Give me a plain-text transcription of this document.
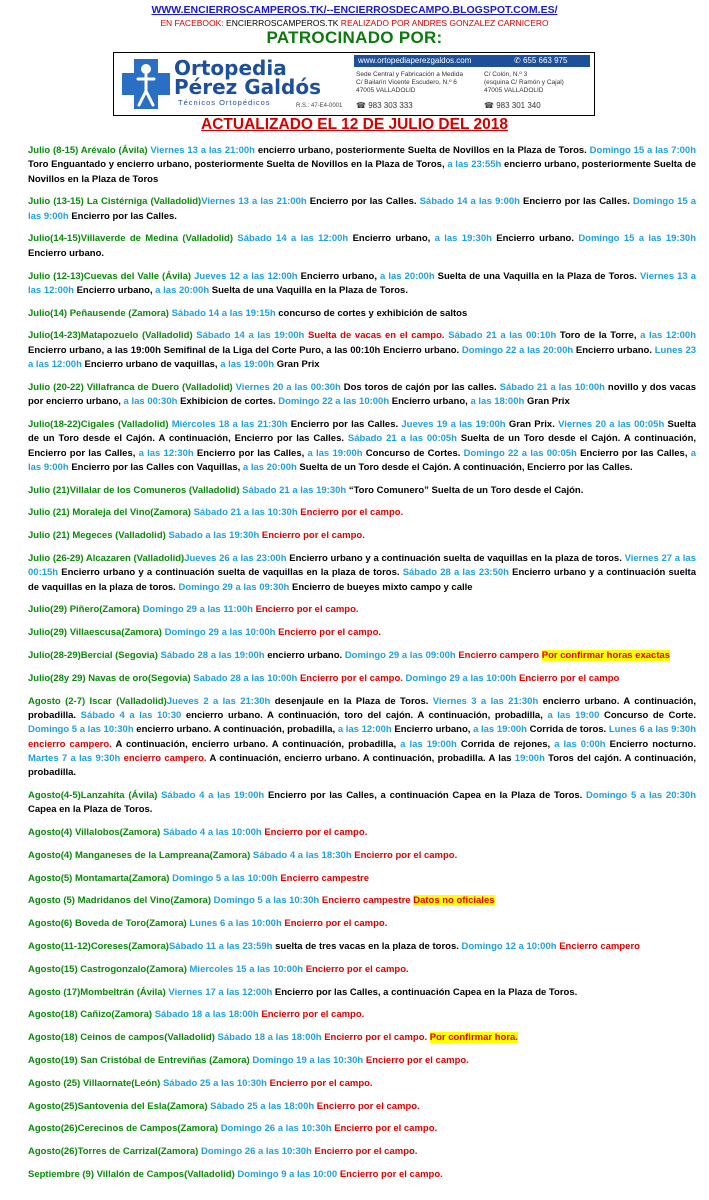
WWW.ENCIERROSCAMPEROS.TK/--ENCIERROSDECAMPO.BLOGSPOT.COM.ES/
EN FACEBOOK: ENCIERROSCAMPEROS.TK REALIZADO POR ANDRES GONZALEZ CARNICERO
PATROCINADO POR:
Ortopedia
Pérez Galdós
Técnicos Ortopédicos	R.S.: 47-E4-0001
www.ortopediaperezgaldos.com	✆ 655 663 975
Sede Central y Fabricación a Medida
C/ Bailarín Vicente Escudero, N.º 6
47005 VALLADOLID
C/ Colón, N.º 3
(esquina C/ Ramón y Cajal)
47005 VALLADOLID
☎ 983 303 333	☎ 983 301 340
ACTUALIZADO EL 12 DE JULIO DEL 2018

Julio (8-15) Arévalo (Ávila) Viernes 13 a las 21:00h encierro urbano, posteriormente Suelta de Novillos en la Plaza de Toros. Domingo 15 a las 7:00h Toro Enguantado y encierro urbano, posteriormente Suelta de Novillos en la Plaza de Toros, a las 23:55h encierro urbano, posteriormente Suelta de Novillos en la Plaza de Toros

Julio (13-15) La Cistérniga (Valladolid)Viernes 13 a las 21:00h Encierro por las Calles. Sábado 14 a las 9:00h Encierro por las Calles. Domingo 15 a las 9:00h Encierro por las Calles.

Julio(14-15)Villaverde de Medina (Valladolid) Sábado 14 a las 12:00h Encierro urbano, a las 19:30h Encierro urbano. Domingo 15 a las 19:30h Encierro urbano.

Julio (12-13)Cuevas del Valle (Ávila) Jueves 12 a las 12:00h Encierro urbano, a las 20:00h Suelta de una Vaquilla en la Plaza de Toros. Viernes 13 a las 12:00h Encierro urbano, a las 20:00h Suelta de una Vaquilla en la Plaza de Toros.

Julio(14) Peñausende (Zamora) Sábado 14 a las 19:15h concurso de cortes y exhibición de saltos

Julio(14-23)Matapozuelo (Valladolid) Sábado 14 a las 19:00h Suelta de vacas en el campo. Sábado 21 a las 00:10h Toro de la Torre, a las 12:00h Encierro urbano, a las 19:00h Semifinal de la Liga del Corte Puro, a las 00:10h Encierro urbano. Domingo 22 a las 20:00h Encierro urbano. Lunes 23 a las 12:00h Encierro urbano de vaquillas, a las 19:00h Gran Prix

Julio (20-22) Villafranca de Duero (Valladolid) Viernes 20 a las 00:30h Dos toros de cajón por las calles. Sábado 21 a las 10:00h novillo y dos vacas por encierro urbano, a las 00:30h Exhibicion de cortes. Domingo 22 a las 10:00h Encierro urbano, a las 18:00h Gran Prix

Julio(18-22)Cigales (Valladolid) Miércoles 18 a las 21:30h Encierro por las Calles. Jueves 19 a las 19:00h Gran Prix. Viernes 20 a las 00:05h Suelta de un Toro desde el Cajón. A continuación, Encierro por las Calles. Sábado 21 a las 00:05h Suelta de un Toro desde el Cajón. A continuación, Encierro por las Calles, a las 12:30h Encierro por las Calles, a las 19:00h Concurso de Cortes. Domingo 22 a las 00:05h Encierro por las Calles, a las 9:00h Encierro por las Calles con Vaquillas, a las 20:00h Suelta de un Toro desde el Cajón. A continuación, Encierro por las Calles.

Julio (21)Villalar de los Comuneros (Valladolid) Sábado 21 a las 19:30h “Toro Comunero” Suelta de un Toro desde el Cajón.

Julio (21) Moraleja del Vino(Zamora) Sábado 21 a las 10:30h Encierro por el campo.

Julio (21) Megeces (Valladolid) Sabado a las 19:30h Encierro por el campo.

Julio (26-29) Alcazaren (Valladolid)Jueves 26 a las 23:00h Encierro urbano y a continuación suelta de vaquillas en la plaza de toros. Viernes 27 a las 00:15h Encierro urbano y a continuación suelta de vaquillas en la plaza de toros. Sábado 28 a las 23:50h Encierro urbano y a continuación suelta de vaquillas en la plaza de toros. Domingo 29 a las 09:30h Encierro de bueyes mixto campo y calle

Julio(29) Piñero(Zamora) Domingo 29 a las 11:00h Encierro por el campo.

Julio(29) Villaescusa(Zamora) Domingo 29 a las 10:00h Encierro por el campo.

Julio(28-29)Bercial (Segovia) Sábado 28 a las 19:00h encierro urbano. Domingo 29 a las 09:00h Encierro campero Por confirmar horas exactas

Julio(28y 29) Navas de oro(Segovia) Sabado 28 a las 10:00h Encierro por el campo. Domingo 29 a las 10:00h Encierro por el campo

Agosto (2-7) Iscar (Valladolid)Jueves 2 a las 21:30h desenjaule en la Plaza de Toros. Viernes 3 a las 21:30h encierro urbano. A continuación, probadilla. Sábado 4 a las 10:30 encierro urbano. A continuación, toro del cajón. A continuación, probadilla, a las 19:00 Concurso de Corte. Domingo 5 a las 10:30h encierro urbano. A continuación, probadilla, a las 12:00h Encierro urbano, a las 19:00h Corrida de toros. Lunes 6 a las 9:30h encierro campero. A continuación, encierro urbano. A continuación, probadilla, a las 19:00h Corrida de rejones, a las 0:00h Encierro nocturno. Martes 7 a las 9:30h encierro campero. A continuación, encierro urbano. A continuación, probadilla. A las 19:00h Toros del cajón. A continuación, probadilla.

Agosto(4-5)Lanzahíta (Ávila) Sábado 4 a las 19:00h Encierro por las Calles, a continuación Capea en la Plaza de Toros. Domingo 5 a las 20:30h Capea en la Plaza de Toros.

Agosto(4) Villalobos(Zamora) Sábado 4 a las 10:00h Encierro por el campo.

Agosto(4) Manganeses de la Lampreana(Zamora) Sábado 4 a las 18:30h Encierro por el campo.

Agosto(5) Montamarta(Zamora) Domingo 5 a las 10:00h Encierro campestre

Agosto (5) Madridanos del Vino(Zamora) Domingo 5 a las 10:30h Encierro campestre Datos no oficiales

Agosto(6) Boveda de Toro(Zamora) Lunes 6 a las 10:00h Encierro por el campo.

Agosto(11-12)Coreses(Zamora)Sábado 11 a las 23:59h suelta de tres vacas en la plaza de toros. Domingo 12 a 10:00h Encierro campero

Agosto(15) Castrogonzalo(Zamora) Miercoles 15 a las 10:00h Encierro por el campo.

Agosto (17)Mombeltrán (Ávila) Viernes 17 a las 12:00h Encierro por las Calles, a continuación Capea en la Plaza de Toros.

Agosto(18) Cañizo(Zamora) Sábado 18 a las 18:00h Encierro por el campo.

Agosto(18) Ceinos de campos(Valladolid) Sábado 18 a las 18:00h Encierro por el campo. Por confirmar hora.

Agosto(19) San Cristóbal de Entreviñas (Zamora) Domingo 19 a las 10:30h Encierro por el campo.

Agosto (25) Villaornate(León) Sábado 25 a las 10:30h Encierro por el campo.

Agosto(25)Santovenia del Esla(Zamora) Sábado 25 a las 18:00h Encierro por el campo.

Agosto(26)Cerecinos de Campos(Zamora) Domingo 26 a las 10:30h Encierro por el campo.

Agosto(26)Torres de Carrizal(Zamora) Domingo 26 a las 10:30h Encierro por el campo.

Septiembre (9) Villalón de Campos(Valladolid) Domingo 9 a las 10:00 Encierro por el campo.
